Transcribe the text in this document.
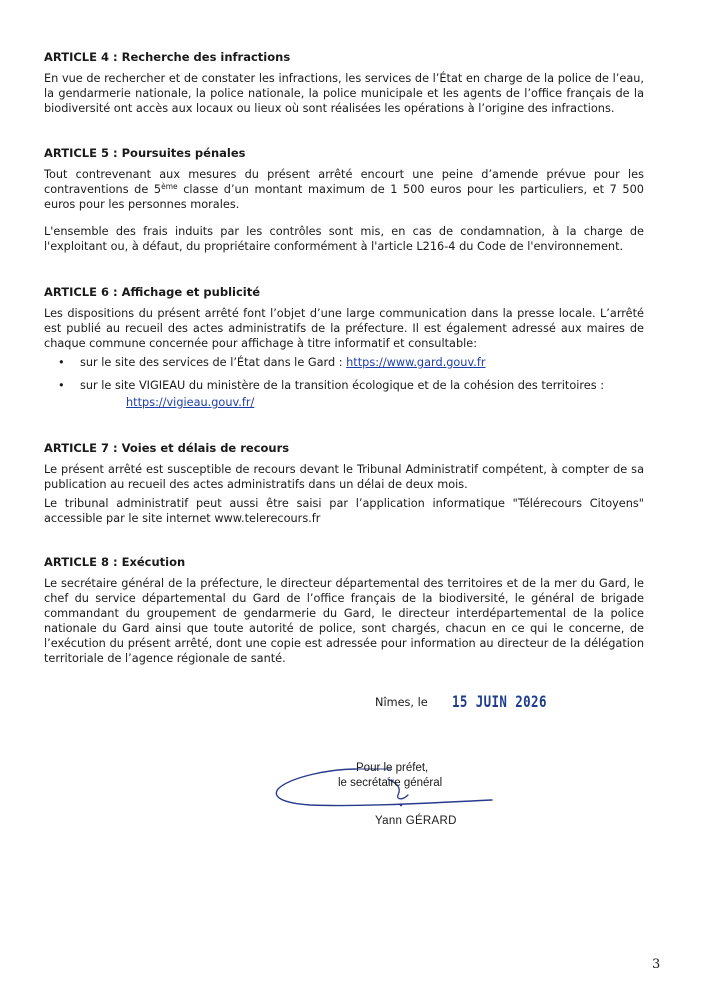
ARTICLE 4 : Recherche des infractions

En vue de rechercher et de constater les infractions, les services de l’État en charge de la police de l’eau, la gendarmerie nationale, la police nationale, la police municipale et les agents de l’office français de la biodiversité ont accès aux locaux ou lieux où sont réalisées les opérations à l’origine des infractions.

ARTICLE 5 : Poursuites pénales

Tout contrevenant aux mesures du présent arrêté encourt une peine d’amende prévue pour les contraventions de 5ème classe d’un montant maximum de 1 500 euros pour les particuliers, et 7 500 euros pour les personnes morales.

L'ensemble des frais induits par les contrôles sont mis, en cas de condamnation, à la charge de l'exploitant ou, à défaut, du propriétaire conformément à l'article L216-4 du Code de l'environnement.

ARTICLE 6 : Affichage et publicité

Les dispositions du présent arrêté font l’objet d’une large communication dans la presse locale. L’arrêté est publié au recueil des actes administratifs de la préfecture. Il est également adressé aux maires de chaque commune concernée pour affichage à titre informatif et consultable:

• sur le site des services de l’État dans le Gard : https://www.gard.gouv.fr
• sur le site VIGIEAU du ministère de la transition écologique et de la cohésion des territoires :
https://vigieau.gouv.fr/
ARTICLE 7 : Voies et délais de recours

Le présent arrêté est susceptible de recours devant le Tribunal Administratif compétent, à compter de sa publication au recueil des actes administratifs dans un délai de deux mois.

Le tribunal administratif peut aussi être saisi par l’application informatique "Télérecours Citoyens" accessible par le site internet www.telerecours.fr

ARTICLE 8 : Exécution

Le secrétaire général de la préfecture, le directeur départemental des territoires et de la mer du Gard, le chef du service départemental du Gard de l’office français de la biodiversité, le général de brigade commandant du groupement de gendarmerie du Gard, le directeur interdépartemental de la police nationale du Gard ainsi que toute autorité de police, sont chargés, chacun en ce qui le concerne, de l’exécution du présent arrêté, dont une copie est adressée pour information au directeur de la délégation territoriale de l’agence régionale de santé.

Nîmes, le 15 JUIN 2026
Pour le préfet,
le secrétaire général
Yann GÉRARD
3
